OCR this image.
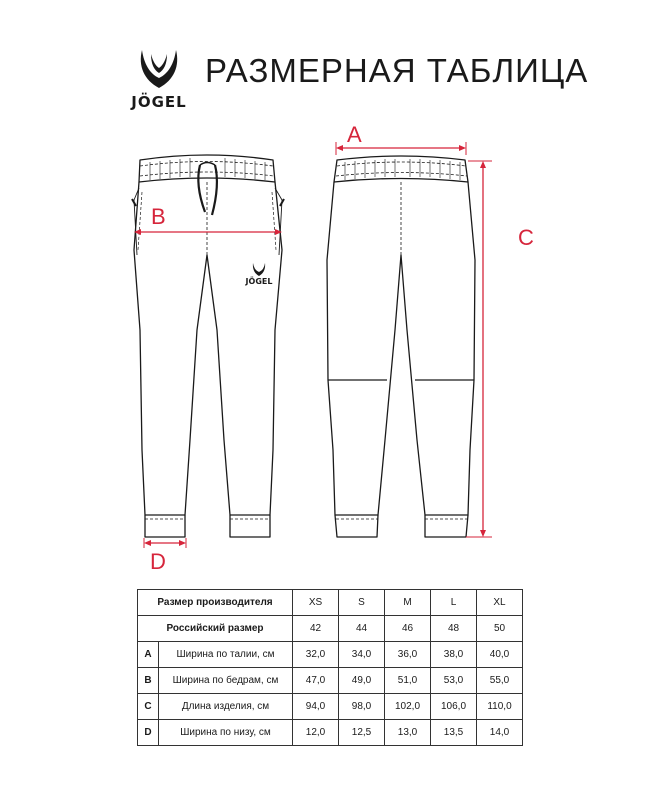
JÖGEL
РАЗМЕРНАЯ ТАБЛИЦА
JÖGEL
A
B
C
D
Размер производителя		XS	S	M	L	XL
Российский размер		42	44	46	48	50
A	Ширина по талии, см	32,0	34,0	36,0	38,0	40,0
B	Ширина по бедрам, см	47,0	49,0	51,0	53,0	55,0
C	Длина изделия, см	94,0	98,0	102,0	106,0	110,0
D	Ширина по низу, см	12,0	12,5	13,0	13,5	14,0
